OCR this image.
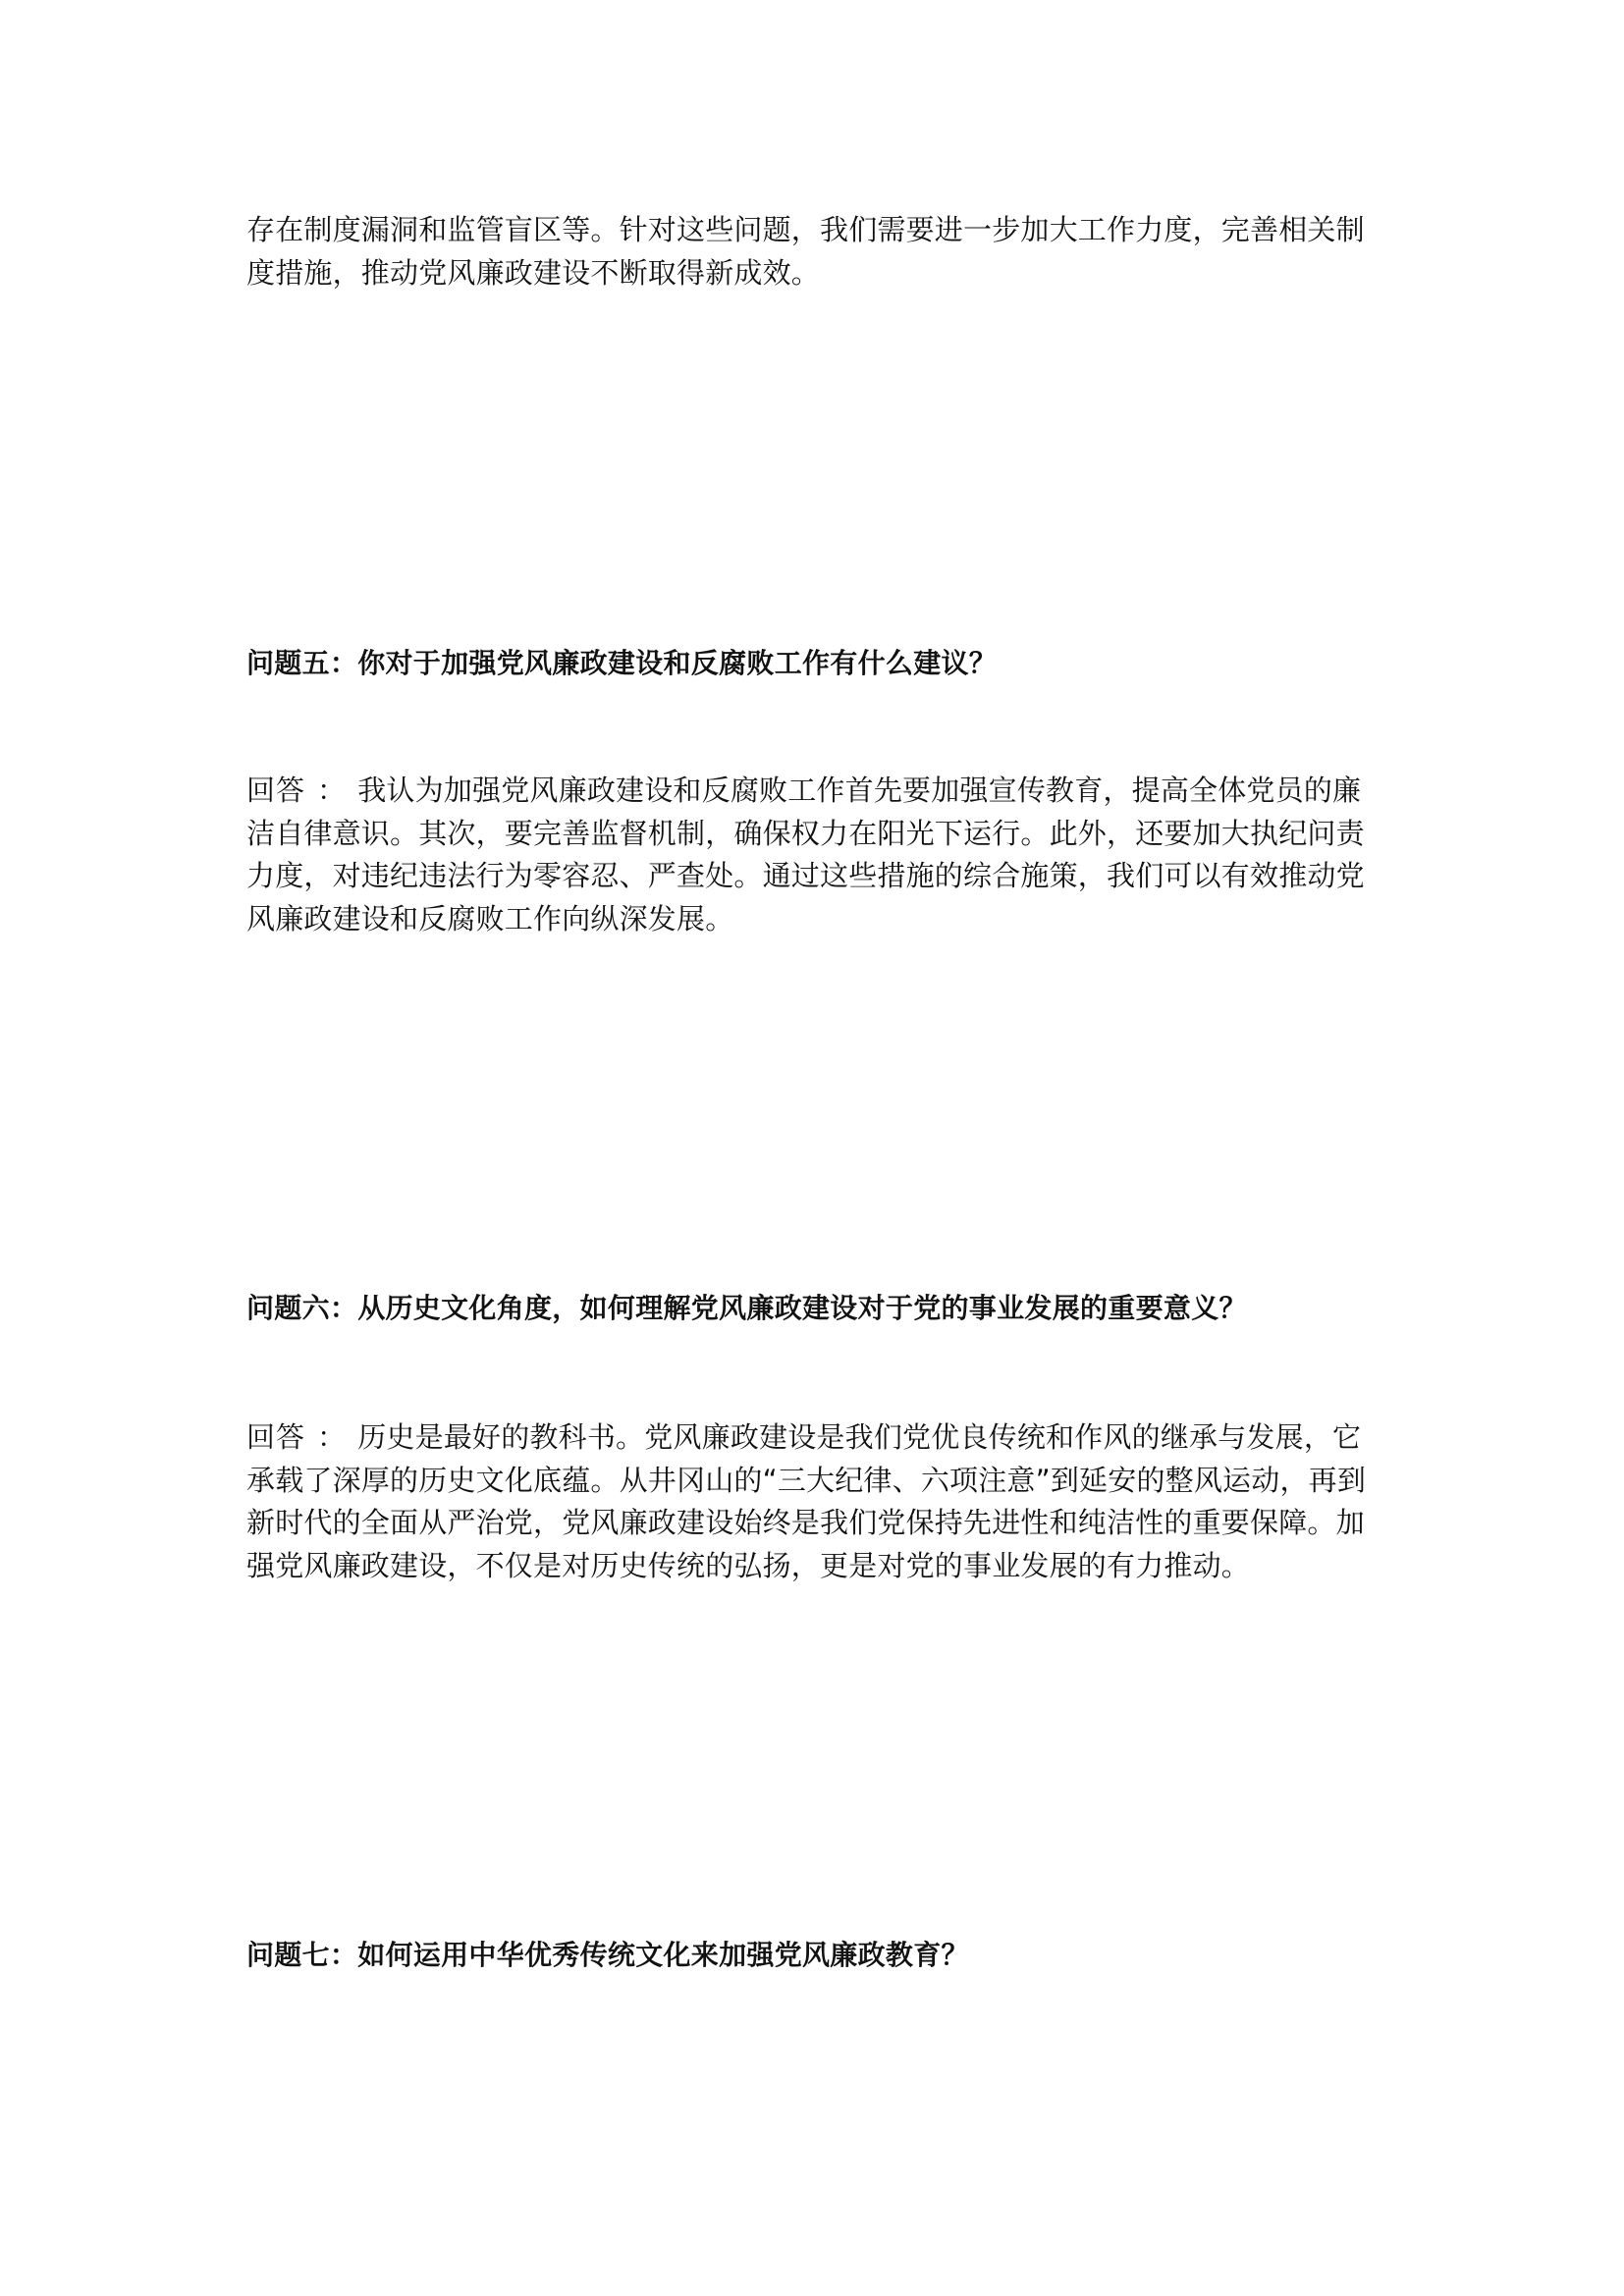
存在制度漏洞和监管盲区等。针对这些问题，我们需要进一步加大工作力度，完善相关制度措施，推动党风廉政建设不断取得新成效。

问题五：你对于加强党风廉政建设和反腐败工作有什么建议？

回答 ： 我认为加强党风廉政建设和反腐败工作首先要加强宣传教育，提高全体党员的廉洁自律意识。其次，要完善监督机制，确保权力在阳光下运行。此外，还要加大执纪问责力度，对违纪违法行为零容忍、严查处。通过这些措施的综合施策，我们可以有效推动党风廉政建设和反腐败工作向纵深发展。

问题六：从历史文化角度，如何理解党风廉政建设对于党的事业发展的重要意义？

回答 ： 历史是最好的教科书。党风廉政建设是我们党优良传统和作风的继承与发展，它承载了深厚的历史文化底蕴。从井冈山的“三大纪律、六项注意”到延安的整风运动，再到新时代的全面从严治党，党风廉政建设始终是我们党保持先进性和纯洁性的重要保障。加强党风廉政建设，不仅是对历史传统的弘扬，更是对党的事业发展的有力推动。

问题七：如何运用中华优秀传统文化来加强党风廉政教育？
